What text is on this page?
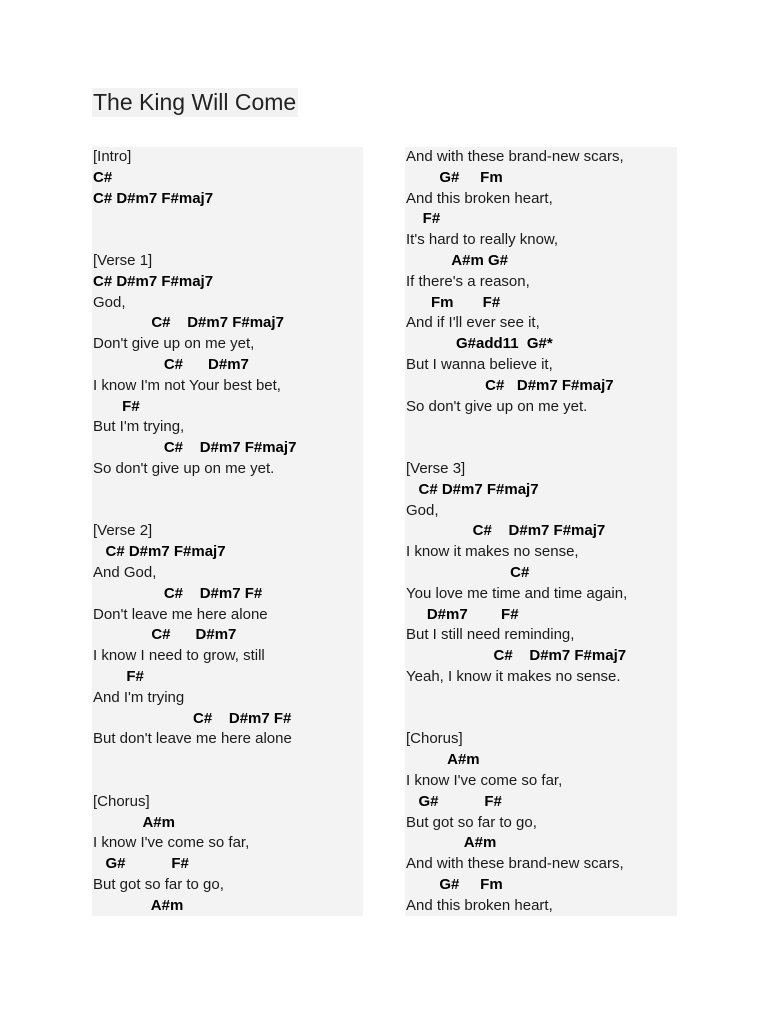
The King Will Come
[Intro]
C#
C# D#m7 F#maj7
[Verse 1]
C# D#m7 F#maj7
God,
C#    D#m7 F#maj7
Don't give up on me yet,
C#      D#m7
I know I'm not Your best bet,
F#
But I'm trying,
C#    D#m7 F#maj7
So don't give up on me yet.
[Verse 2]
C# D#m7 F#maj7
And God,
C#    D#m7 F#
Don't leave me here alone
C#      D#m7
I know I need to grow, still
F#
And I'm trying
C#    D#m7 F#
But don't leave me here alone
[Chorus]
A#m
I know I've come so far,
G#           F#
But got so far to go,
A#m
And with these brand-new scars,
G#     Fm
And this broken heart,
F#
It's hard to really know,
A#m G#
If there's a reason,
Fm       F#
And if I'll ever see it,
G#add11  G#*
But I wanna believe it,
C#   D#m7 F#maj7
So don't give up on me yet.
[Verse 3]
C# D#m7 F#maj7
God,
C#    D#m7 F#maj7
I know it makes no sense,
C#
You love me time and time again,
D#m7        F#
But I still need reminding,
C#    D#m7 F#maj7
Yeah, I know it makes no sense.
[Chorus]
A#m
I know I've come so far,
G#           F#
But got so far to go,
A#m
And with these brand-new scars,
G#     Fm
And this broken heart,
